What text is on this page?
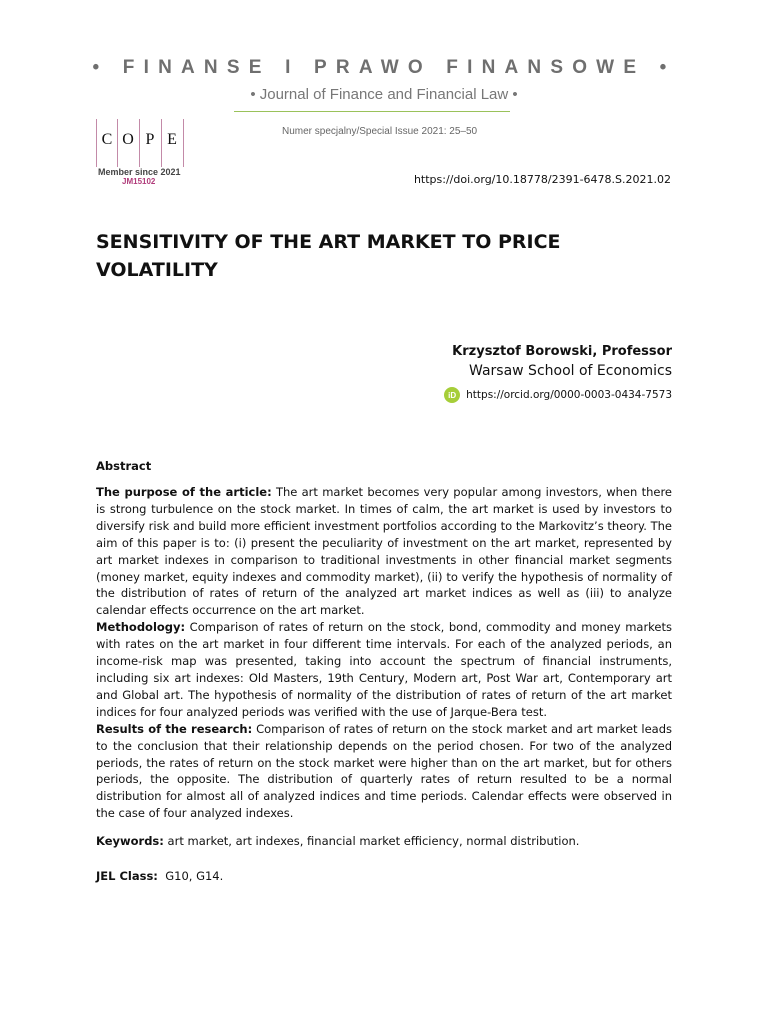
• FINANSE I PRAWO FINANSOWE •
• Journal of Finance and Financial Law •
C O P E
Member since 2021
JM15102
Numer specjalny/Special Issue 2021: 25–50
https://doi.org/10.18778/2391-6478.S.2021.02
SENSITIVITY OF THE ART MARKET TO PRICE VOLATILITY
Krzysztof Borowski, Professor
Warsaw School of Economics
iD https://orcid.org/0000-0003-0434-7573
Abstract

The purpose of the article: The art market becomes very popular among investors, when there is strong turbulence on the stock market. In times of calm, the art market is used by investors to diversify risk and build more efficient investment portfolios according to the Markovitz’s theory. The aim of this paper is to: (i) present the peculiarity of investment on the art market, represented by art market indexes in comparison to traditional investments in other financial market segments (money market, equity indexes and commodity market), (ii) to verify the hypothesis of normality of the distribution of rates of return of the analyzed art market indices as well as (iii) to analyze calendar effects occurrence on the art market.

Methodology: Comparison of rates of return on the stock, bond, commodity and money markets with rates on the art market in four different time intervals. For each of the analyzed periods, an income-risk map was presented, taking into account the spectrum of financial instruments, including six art indexes: Old Masters, 19th Century, Modern art, Post War art, Contemporary art and Global art. The hypothesis of normality of the distribution of rates of return of the art market indices for four analyzed periods was verified with the use of Jarque-Bera test.

Results of the research: Comparison of rates of return on the stock market and art market leads to the conclusion that their relationship depends on the period chosen. For two of the analyzed periods, the rates of return on the stock market were higher than on the art market, but for others periods, the opposite. The distribution of quarterly rates of return resulted to be a normal distribution for almost all of analyzed indices and time periods. Calendar effects were observed in the case of four analyzed indexes.

Keywords: art market, art indexes, financial market efficiency, normal distribution.
JEL Class:  G10, G14.
